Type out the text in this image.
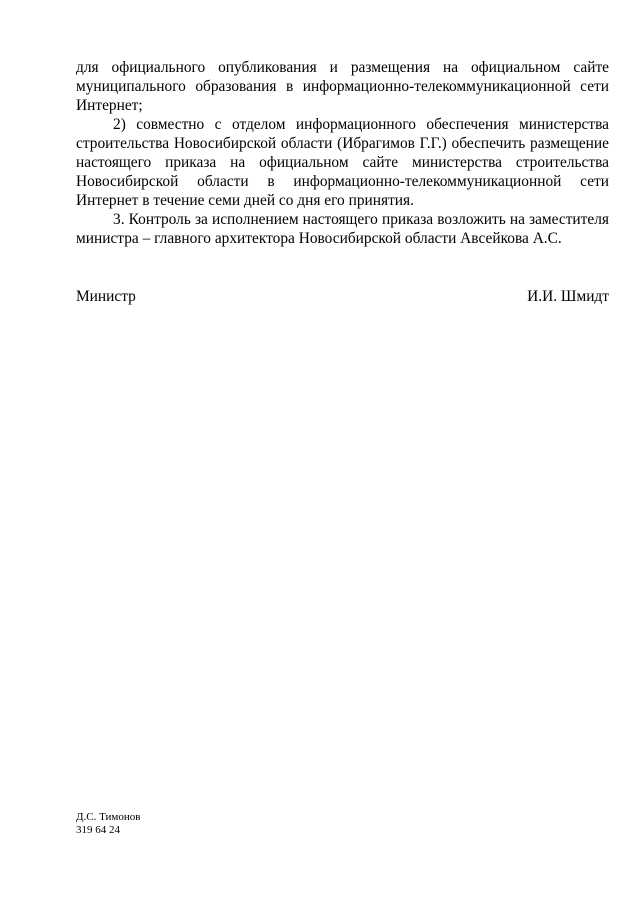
для официального опубликования и размещения на официальном сайте муниципального образования в информационно-телекоммуникационной сети Интернет;

2) совместно с отделом информационного обеспечения министерства строительства Новосибирской области (Ибрагимов Г.Г.) обеспечить размещение настоящего приказа на официальном сайте министерства строительства Новосибирской области в информационно-телекоммуникационной сети Интернет в течение семи дней со дня его принятия.

3. Контроль за исполнением настоящего приказа возложить на заместителя министра – главного архитектора Новосибирской области Авсейкова А.С.

Министр	И.И. Шмидт
Д.С. Тимонов
319 64 24
